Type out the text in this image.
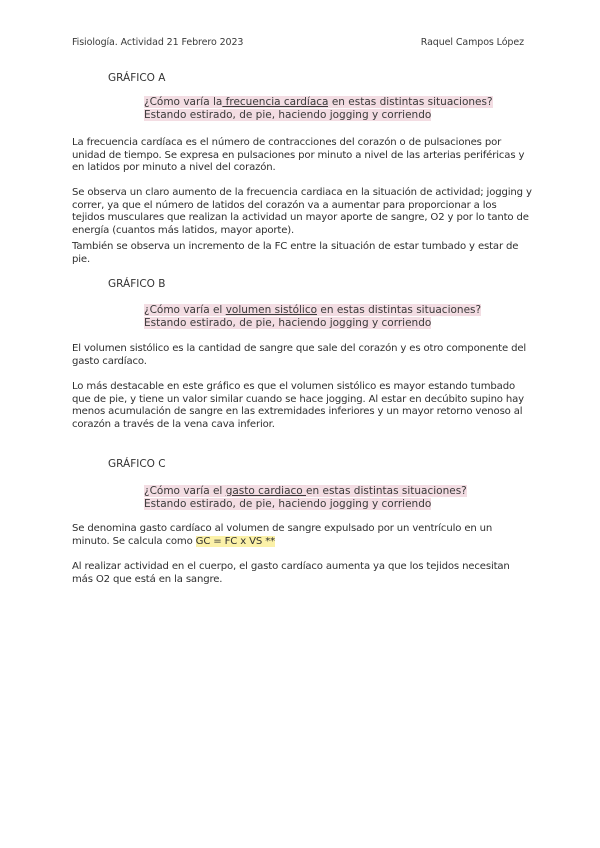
Fisiología. Actividad 21 Febrero 2023	Raquel Campos López
GRÁFICO A
¿Cómo varía la frecuencia cardíaca en estas distintas situaciones?
Estando estirado, de pie, haciendo jogging y corriendo
La frecuencia cardíaca es el número de contracciones del corazón o de pulsaciones por unidad de tiempo. Se expresa en pulsaciones por minuto a nivel de las arterias periféricas y en latidos por minuto a nivel del corazón.
Se observa un claro aumento de la frecuencia cardiaca en la situación de actividad; jogging y correr, ya que el número de latidos del corazón va a aumentar para proporcionar a los tejidos musculares que realizan la actividad un mayor aporte de sangre, O2 y por lo tanto de energía (cuantos más latidos, mayor aporte).
También se observa un incremento de la FC entre la situación de estar tumbado y estar de pie.
GRÁFICO B
¿Cómo varía el volumen sistólico en estas distintas situaciones?
Estando estirado, de pie, haciendo jogging y corriendo
El volumen sistólico es la cantidad de sangre que sale del corazón y es otro componente del gasto cardíaco.
Lo más destacable en este gráfico es que el volumen sistólico es mayor estando tumbado que de pie, y tiene un valor similar cuando se hace jogging. Al estar en decúbito supino hay menos acumulación de sangre en las extremidades inferiores y un mayor retorno venoso al corazón a través de la vena cava inferior.
GRÁFICO C
¿Cómo varía el gasto cardiaco en estas distintas situaciones?
Estando estirado, de pie, haciendo jogging y corriendo
Se denomina gasto cardíaco al volumen de sangre expulsado por un ventrículo en un minuto. Se calcula como GC = FC x VS **
Al realizar actividad en el cuerpo, el gasto cardíaco aumenta ya que los tejidos necesitan más O2 que está en la sangre.
